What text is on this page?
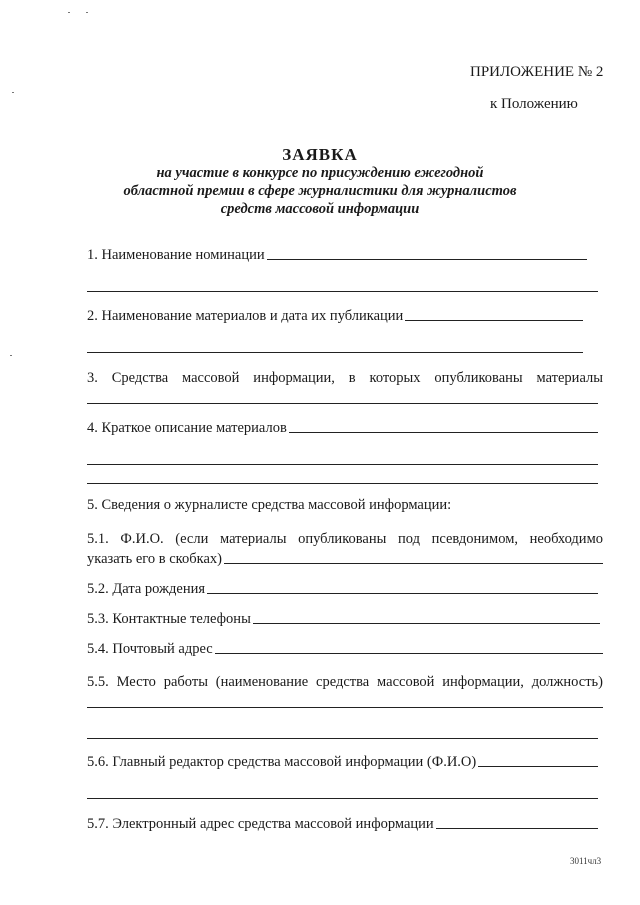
ПРИЛОЖЕНИЕ № 2
к Положению
ЗАЯВКА
на участие в конкурсе по присуждению ежегодной
областной премии в сфере журналистики для журналистов
средств массовой информации
1. Наименование номинации
2. Наименование материалов и дата их публикации
3. Средства массовой информации, в которых опубликованы материалы
4. Краткое описание материалов
5. Сведения о журналисте средства массовой информации:
5.1. Ф.И.О. (если материалы опубликованы под псевдонимом, необходимо
указать его в скобках)
5.2. Дата рождения
5.3. Контактные телефоны
5.4. Почтовый адрес
5.5. Место работы (наименование средства массовой информации, должность)
5.6. Главный редактор средства массовой информации (Ф.И.О)
5.7. Электронный адрес средства массовой информации
3011чл3
